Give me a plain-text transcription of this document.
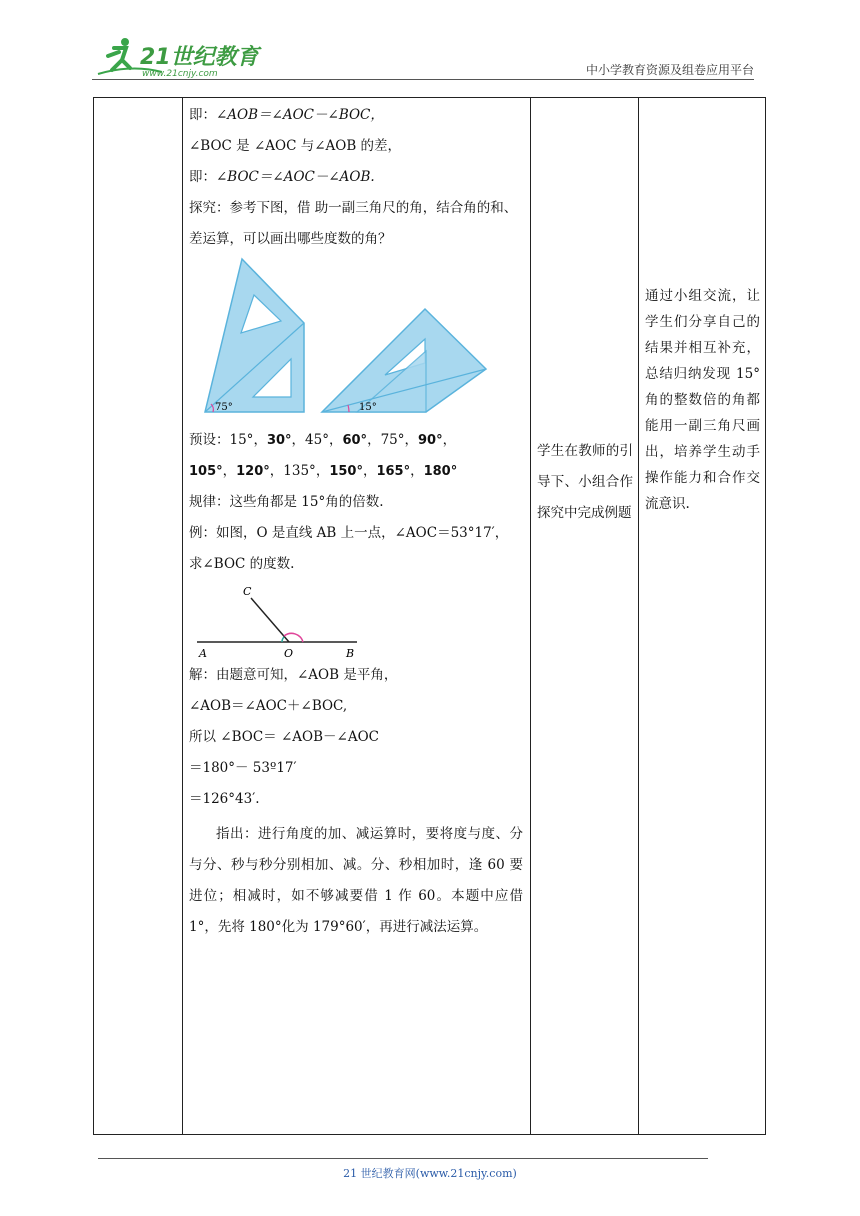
21世纪教育
www.21cnjy.com	中小学教育资源及组卷应用平台

即：∠AOB＝∠AOC－∠BOC，

∠BOC 是 ∠AOC 与∠AOB 的差，

即：∠BOC＝∠AOC－∠AOB.

探究：参考下图，借 助一副三角尺的角，结合角的和、差运算，可以画出哪些度数的角？

75°	15°

预设：15°，30°，45°，60°，75°，90°，

105°，120°，135°，150°，165°，180°

规律：这些角都是 15°角的倍数.

例：如图，O 是直线 AB 上一点，∠AOC＝53°17′，

求∠BOC 的度数.

C
A	O	B

解：由题意可知，∠AOB 是平角，

∠AOB＝∠AOC＋∠BOC,

所以 ∠BOC＝ ∠AOB－∠AOC

＝180°－ 53º17′

＝126°43′.

指出：进行角度的加、减运算时，要将度与度、分与分、秒与秒分别相加、减。分、秒相加时，逢 60 要进位；相减时，如不够减要借 1 作 60。本题中应借 1°，先将 180°化为 179°60′，再进行减法运算。

学生在教师的引导下、小组合作探究中完成例题
通过小组交流，让学生们分享自己的结果并相互补充，总结归纳发现 15°角的整数倍的角都能用一副三角尺画出，培养学生动手操作能力和合作交流意识.
21 世纪教育网(www.21cnjy.com)
